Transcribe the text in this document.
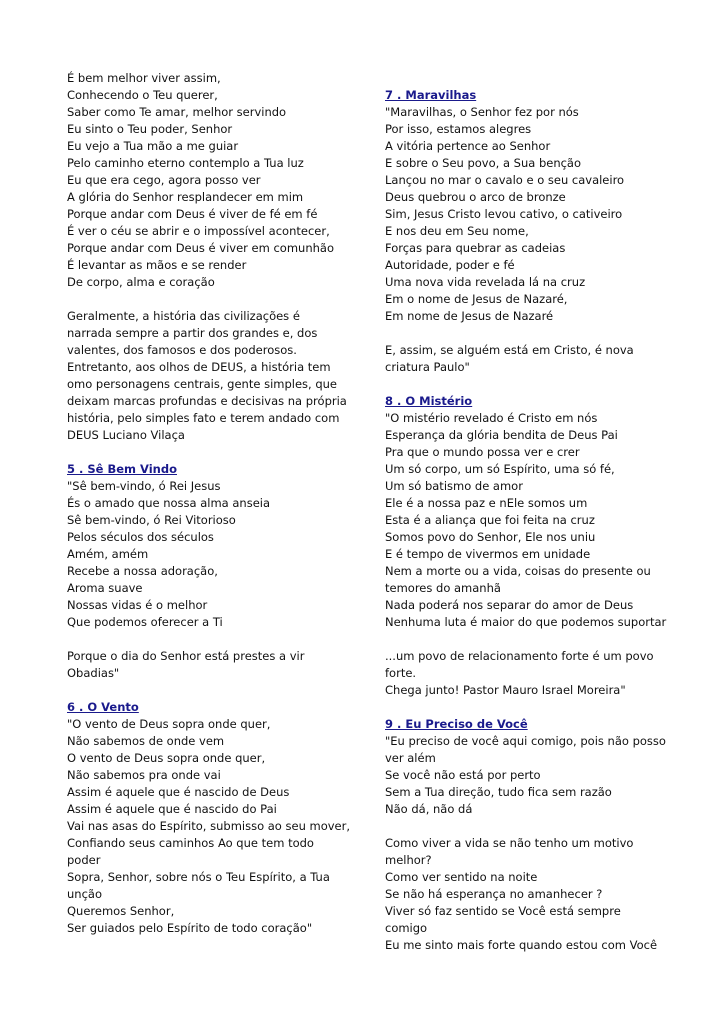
É bem melhor viver assim,
Conhecendo o Teu querer,
Saber como Te amar, melhor servindo
Eu sinto o Teu poder, Senhor
Eu vejo a Tua mão a me guiar
Pelo caminho eterno contemplo a Tua luz
Eu que era cego, agora posso ver
A glória do Senhor resplandecer em mim
Porque andar com Deus é viver de fé em fé
É ver o céu se abrir e o impossível acontecer,
Porque andar com Deus é viver em comunhão
É levantar as mãos e se render
De corpo, alma e coração
Geralmente, a história das civilizações é
narrada sempre a partir dos grandes e, dos
valentes, dos famosos e dos poderosos.
Entretanto, aos olhos de DEUS, a história tem
omo personagens centrais, gente simples, que
deixam marcas profundas e decisivas na própria
história, pelo simples fato e terem andado com
DEUS Luciano Vilaça
5 . Sê Bem Vindo
"Sê bem-vindo, ó Rei Jesus
És o amado que nossa alma anseia
Sê bem-vindo, ó Rei Vitorioso
Pelos séculos dos séculos
Amém, amém
Recebe a nossa adoração,
Aroma suave
Nossas vidas é o melhor
Que podemos oferecer a Ti
Porque o dia do Senhor está prestes a vir
Obadias"
6 . O Vento
"O vento de Deus sopra onde quer,
Não sabemos de onde vem
O vento de Deus sopra onde quer,
Não sabemos pra onde vai
Assim é aquele que é nascido de Deus
Assim é aquele que é nascido do Pai
Vai nas asas do Espírito, submisso ao seu mover,
Confiando seus caminhos Ao que tem todo
poder
Sopra, Senhor, sobre nós o Teu Espírito, a Tua
unção
Queremos Senhor,
Ser guiados pelo Espírito de todo coração"
7 . Maravilhas
"Maravilhas, o Senhor fez por nós
Por isso, estamos alegres
A vitória pertence ao Senhor
E sobre o Seu povo, a Sua benção
Lançou no mar o cavalo e o seu cavaleiro
Deus quebrou o arco de bronze
Sim, Jesus Cristo levou cativo, o cativeiro
E nos deu em Seu nome,
Forças para quebrar as cadeias
Autoridade, poder e fé
Uma nova vida revelada lá na cruz
Em o nome de Jesus de Nazaré,
Em nome de Jesus de Nazaré
E, assim, se alguém está em Cristo, é nova
criatura Paulo"
8 . O Mistério
"O mistério revelado é Cristo em nós
Esperança da glória bendita de Deus Pai
Pra que o mundo possa ver e crer
Um só corpo, um só Espírito, uma só fé,
Um só batismo de amor
Ele é a nossa paz e nEle somos um
Esta é a aliança que foi feita na cruz
Somos povo do Senhor, Ele nos uniu
E é tempo de vivermos em unidade
Nem a morte ou a vida, coisas do presente ou
temores do amanhã
Nada poderá nos separar do amor de Deus
Nenhuma luta é maior do que podemos suportar
...um povo de relacionamento forte é um povo
forte.
Chega junto! Pastor Mauro Israel Moreira"
9 . Eu Preciso de Você
"Eu preciso de você aqui comigo, pois não posso
ver além
Se você não está por perto
Sem a Tua direção, tudo fica sem razão
Não dá, não dá
Como viver a vida se não tenho um motivo
melhor?
Como ver sentido na noite
Se não há esperança no amanhecer ?
Viver só faz sentido se Você está sempre
comigo
Eu me sinto mais forte quando estou com Você
